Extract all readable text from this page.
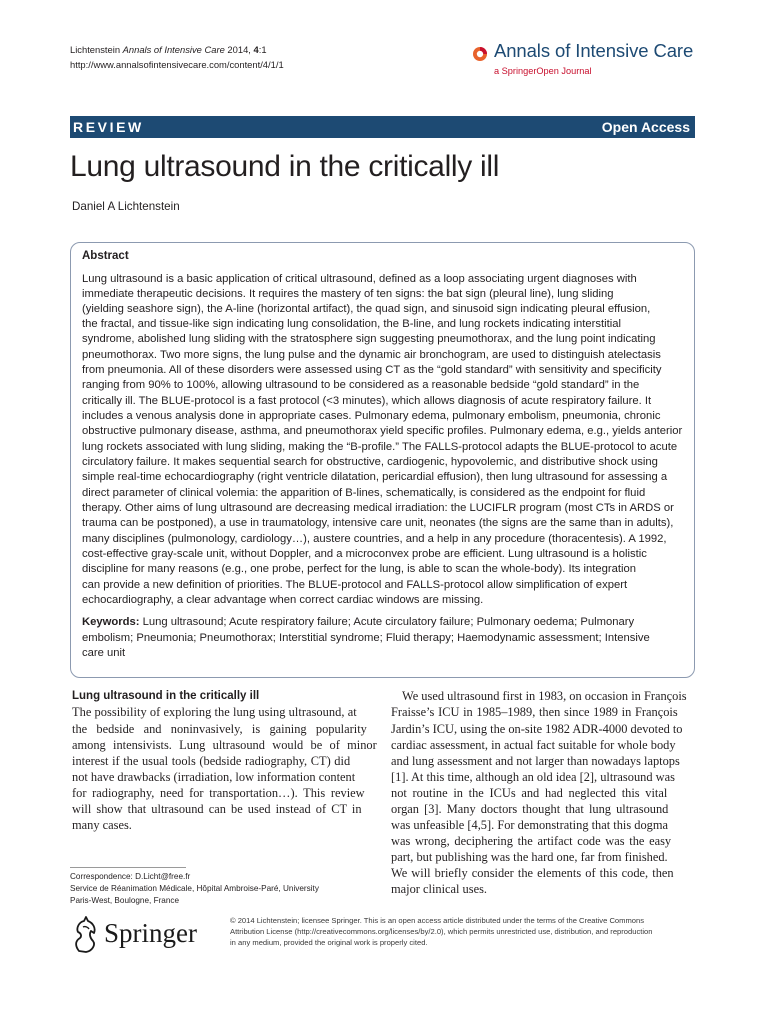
Lichtenstein Annals of Intensive Care 2014, 4:1
http://www.annalsofintensivecare.com/content/4/1/1
Annals of Intensive Care
a SpringerOpen Journal
REVIEW	Open Access
Lung ultrasound in the critically ill
Daniel A Lichtenstein
Abstract
Lung ultrasound is a basic application of critical ultrasound, defined as a loop associating urgent diagnoses with
immediate therapeutic decisions. It requires the mastery of ten signs: the bat sign (pleural line), lung sliding
(yielding seashore sign), the A-line (horizontal artifact), the quad sign, and sinusoid sign indicating pleural effusion,
the fractal, and tissue-like sign indicating lung consolidation, the B-line, and lung rockets indicating interstitial
syndrome, abolished lung sliding with the stratosphere sign suggesting pneumothorax, and the lung point indicating
pneumothorax. Two more signs, the lung pulse and the dynamic air bronchogram, are used to distinguish atelectasis
from pneumonia. All of these disorders were assessed using CT as the “gold standard” with sensitivity and specificity
ranging from 90% to 100%, allowing ultrasound to be considered as a reasonable bedside “gold standard” in the
critically ill. The BLUE-protocol is a fast protocol (<3 minutes), which allows diagnosis of acute respiratory failure. It
includes a venous analysis done in appropriate cases. Pulmonary edema, pulmonary embolism, pneumonia, chronic
obstructive pulmonary disease, asthma, and pneumothorax yield specific profiles. Pulmonary edema, e.g., yields anterior
lung rockets associated with lung sliding, making the “B-profile.” The FALLS-protocol adapts the BLUE-protocol to acute
circulatory failure. It makes sequential search for obstructive, cardiogenic, hypovolemic, and distributive shock using
simple real-time echocardiography (right ventricle dilatation, pericardial effusion), then lung ultrasound for assessing a
direct parameter of clinical volemia: the apparition of B-lines, schematically, is considered as the endpoint for fluid
therapy. Other aims of lung ultrasound are decreasing medical irradiation: the LUCIFLR program (most CTs in ARDS or
trauma can be postponed), a use in traumatology, intensive care unit, neonates (the signs are the same than in adults),
many disciplines (pulmonology, cardiology…), austere countries, and a help in any procedure (thoracentesis). A 1992,
cost-effective gray-scale unit, without Doppler, and a microconvex probe are efficient. Lung ultrasound is a holistic
discipline for many reasons (e.g., one probe, perfect for the lung, is able to scan the whole-body). Its integration
can provide a new definition of priorities. The BLUE-protocol and FALLS-protocol allow simplification of expert
echocardiography, a clear advantage when correct cardiac windows are missing.
Keywords: Lung ultrasound; Acute respiratory failure; Acute circulatory failure; Pulmonary oedema; Pulmonary
embolism; Pneumonia; Pneumothorax; Interstitial syndrome; Fluid therapy; Haemodynamic assessment; Intensive
care unit
Lung ultrasound in the critically ill
The possibility of exploring the lung using ultrasound, at
the bedside and noninvasively, is gaining popularity
among intensivists. Lung ultrasound would be of minor
interest if the usual tools (bedside radiography, CT) did
not have drawbacks (irradiation, low information content
for radiography, need for transportation…). This review
will show that ultrasound can be used instead of CT in
many cases.
We used ultrasound first in 1983, on occasion in François
Fraisse’s ICU in 1985–1989, then since 1989 in François
Jardin’s ICU, using the on-site 1982 ADR-4000 devoted to
cardiac assessment, in actual fact suitable for whole body
and lung assessment and not larger than nowadays laptops
[1]. At this time, although an old idea [2], ultrasound was
not routine in the ICUs and had neglected this vital
organ [3]. Many doctors thought that lung ultrasound
was unfeasible [4,5]. For demonstrating that this dogma
was wrong, deciphering the artifact code was the easy
part, but publishing was the hard one, far from finished.
We will briefly consider the elements of this code, then
major clinical uses.
Correspondence: D.Licht@free.fr
Service de Réanimation Médicale, Hôpital Ambroise-Paré, University
Paris-West, Boulogne, France
Springer	© 2014 Lichtenstein; licensee Springer. This is an open access article distributed under the terms of the Creative Commons
Attribution License (http://creativecommons.org/licenses/by/2.0), which permits unrestricted use, distribution, and reproduction
in any medium, provided the original work is properly cited.
